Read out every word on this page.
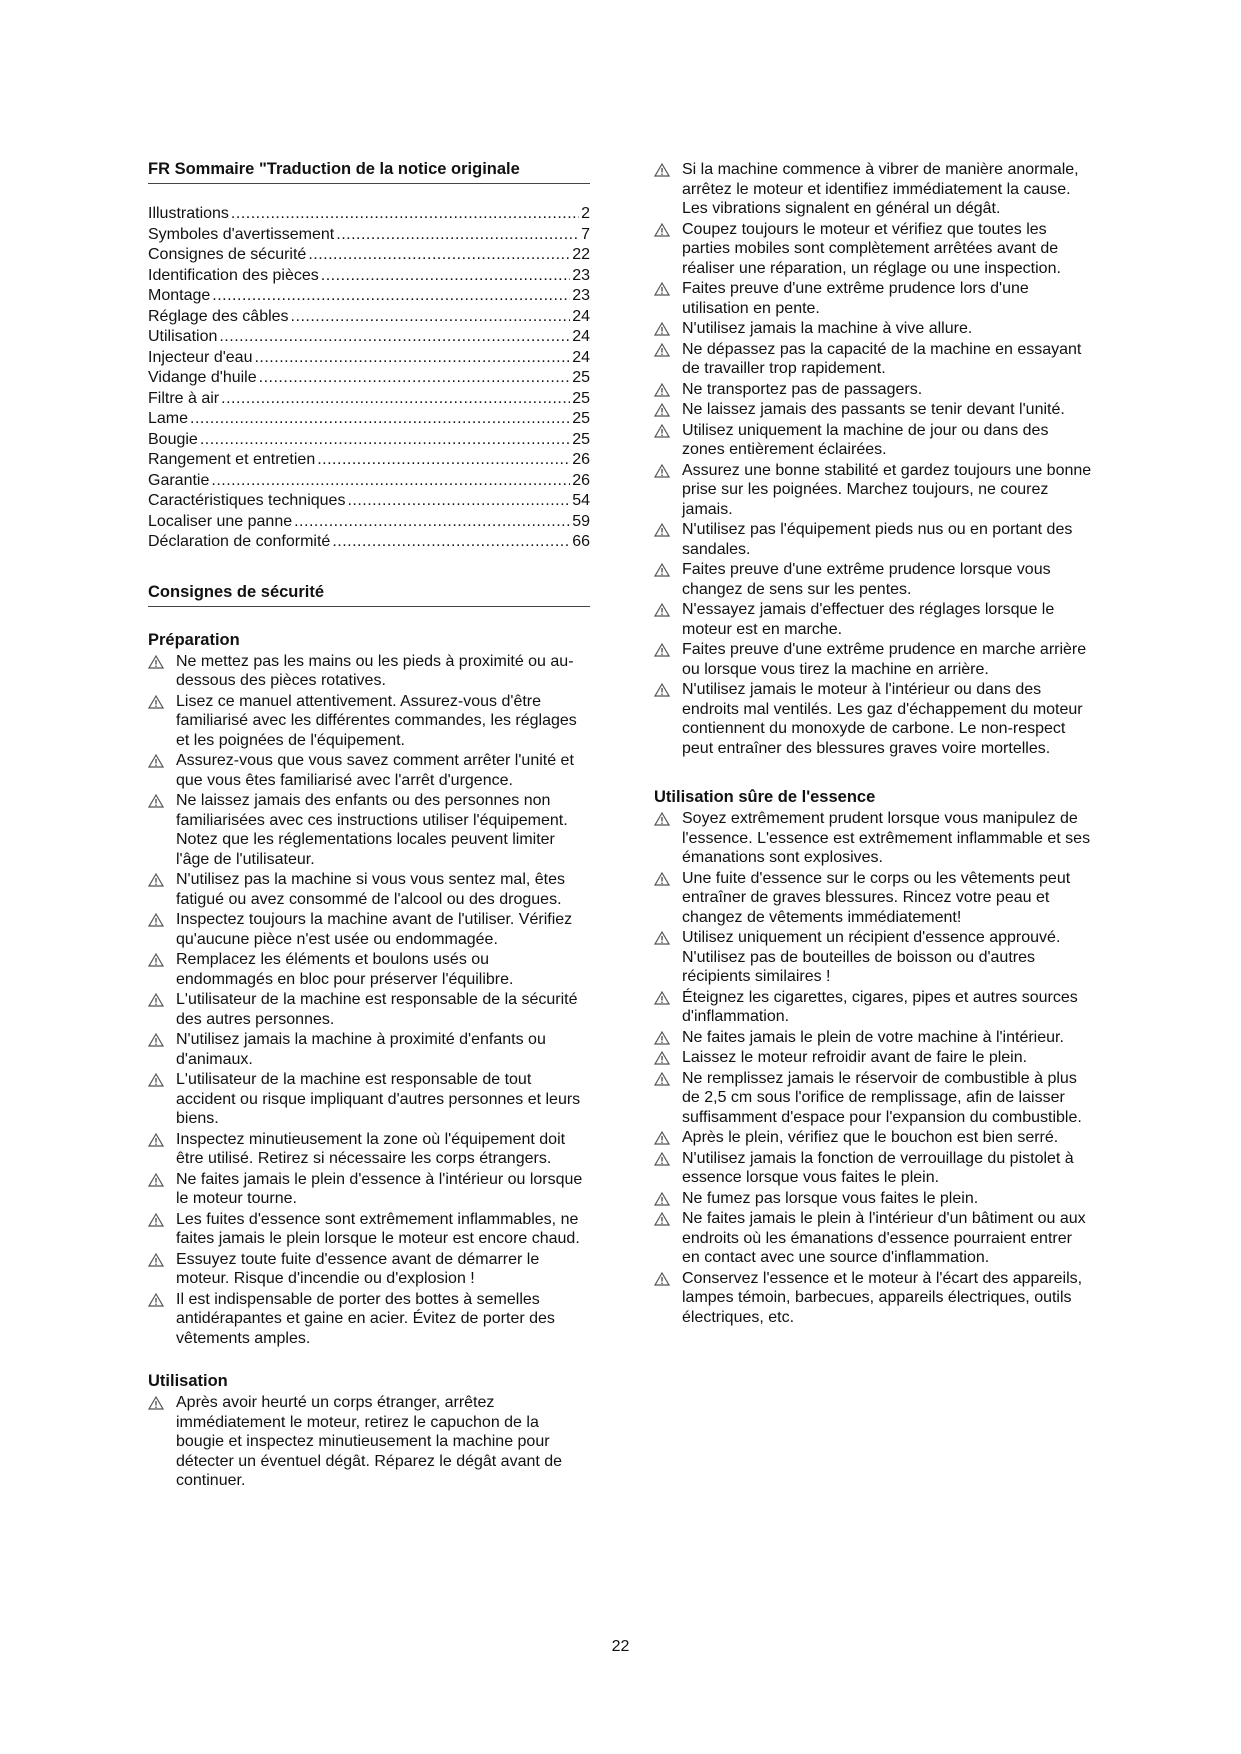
FR Sommaire "Traduction de la notice originale
Illustrations .....	2
Symboles d'avertissement .....	7
Consignes de sécurité .....	22
Identification des pièces .....	23
Montage .....	23
Réglage des câbles .....	24
Utilisation .....	24
Injecteur d'eau .....	24
Vidange d'huile .....	25
Filtre à air .....	25
Lame .....	25
Bougie .....	25
Rangement et entretien .....	26
Garantie .....	26
Caractéristiques techniques .....	54
Localiser une panne .....	59
Déclaration de conformité .....	66
Consignes de sécurité
Préparation
Ne mettez pas les mains ou les pieds à proximité ou au-dessous des pièces rotatives.
Lisez ce manuel attentivement. Assurez-vous d'être familiarisé avec les différentes commandes, les réglages et les poignées de l'équipement.
Assurez-vous que vous savez comment arrêter l'unité et que vous êtes familiarisé avec l'arrêt d'urgence.
Ne laissez jamais des enfants ou des personnes non familiarisées avec ces instructions utiliser l'équipement. Notez que les réglementations locales peuvent limiter l'âge de l'utilisateur.
N'utilisez pas la machine si vous vous sentez mal, êtes fatigué ou avez consommé de l'alcool ou des drogues.
Inspectez toujours la machine avant de l'utiliser. Vérifiez qu'aucune pièce n'est usée ou endommagée.
Remplacez les éléments et boulons usés ou endommagés en bloc pour préserver l'équilibre.
L'utilisateur de la machine est responsable de la sécurité des autres personnes.
N'utilisez jamais la machine à proximité d'enfants ou d'animaux.
L'utilisateur de la machine est responsable de tout accident ou risque impliquant d'autres personnes et leurs biens.
Inspectez minutieusement la zone où l'équipement doit être utilisé. Retirez si nécessaire les corps étrangers.
Ne faites jamais le plein d'essence à l'intérieur ou lorsque le moteur tourne.
Les fuites d'essence sont extrêmement inflammables, ne faites jamais le plein lorsque le moteur est encore chaud.
Essuyez toute fuite d'essence avant de démarrer le moteur. Risque d'incendie ou d'explosion !
Il est indispensable de porter des bottes à semelles antidérapantes et gaine en acier. Évitez de porter des vêtements amples.
Utilisation
Après avoir heurté un corps étranger, arrêtez immédiatement le moteur, retirez le capuchon de la bougie et inspectez minutieusement la machine pour détecter un éventuel dégât. Réparez le dégât avant de continuer.
Si la machine commence à vibrer de manière anormale, arrêtez le moteur et identifiez immédiatement la cause. Les vibrations signalent en général un dégât.
Coupez toujours le moteur et vérifiez que toutes les parties mobiles sont complètement arrêtées avant de réaliser une réparation, un réglage ou une inspection.
Faites preuve d'une extrême prudence lors d'une utilisation en pente.
N'utilisez jamais la machine à vive allure.
Ne dépassez pas la capacité de la machine en essayant de travailler trop rapidement.
Ne transportez pas de passagers.
Ne laissez jamais des passants se tenir devant l'unité.
Utilisez uniquement la machine de jour ou dans des zones entièrement éclairées.
Assurez une bonne stabilité et gardez toujours une bonne prise sur les poignées. Marchez toujours, ne courez jamais.
N'utilisez pas l'équipement pieds nus ou en portant des sandales.
Faites preuve d'une extrême prudence lorsque vous changez de sens sur les pentes.
N'essayez jamais d'effectuer des réglages lorsque le moteur est en marche.
Faites preuve d'une extrême prudence en marche arrière ou lorsque vous tirez la machine en arrière.
N'utilisez jamais le moteur à l'intérieur ou dans des endroits mal ventilés. Les gaz d'échappement du moteur contiennent du monoxyde de carbone. Le non-respect peut entraîner des blessures graves voire mortelles.
Utilisation sûre de l'essence
Soyez extrêmement prudent lorsque vous manipulez de l'essence. L'essence est extrêmement inflammable et ses émanations sont explosives.
Une fuite d'essence sur le corps ou les vêtements peut entraîner de graves blessures. Rincez votre peau et changez de vêtements immédiatement!
Utilisez uniquement un récipient d'essence approuvé. N'utilisez pas de bouteilles de boisson ou d'autres récipients similaires !
Éteignez les cigarettes, cigares, pipes et autres sources d'inflammation.
Ne faites jamais le plein de votre machine à l'intérieur.
Laissez le moteur refroidir avant de faire le plein.
Ne remplissez jamais le réservoir de combustible à plus de 2,5 cm sous l'orifice de remplissage, afin de laisser suffisamment d'espace pour l'expansion du combustible.
Après le plein, vérifiez que le bouchon est bien serré.
N'utilisez jamais la fonction de verrouillage du pistolet à essence lorsque vous faites le plein.
Ne fumez pas lorsque vous faites le plein.
Ne faites jamais le plein à l'intérieur d'un bâtiment ou aux endroits où les émanations d'essence pourraient entrer en contact avec une source d'inflammation.
Conservez l'essence et le moteur à l'écart des appareils, lampes témoin, barbecues, appareils électriques, outils électriques, etc.
22
